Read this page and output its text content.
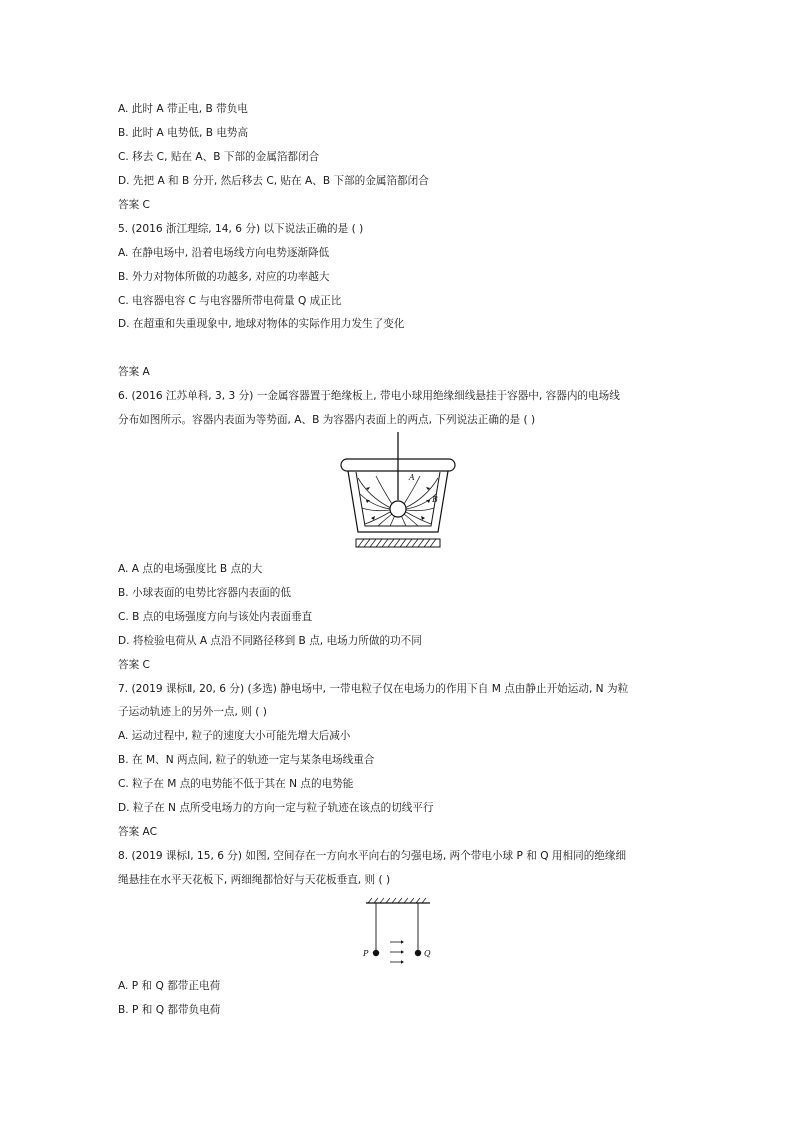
A. 此时 A 带正电, B 带负电
B. 此时 A 电势低, B 电势高
C. 移去 C, 贴在 A、B 下部的金属箔都闭合
D. 先把 A 和 B 分开, 然后移去 C, 贴在 A、B 下部的金属箔都闭合
答案 C
5. (2016 浙江理综, 14, 6 分) 以下说法正确的是 ( )
A. 在静电场中, 沿着电场线方向电势逐渐降低
B. 外力对物体所做的功越多, 对应的功率越大
C. 电容器电容 C 与电容器所带电荷量 Q 成正比
D. 在超重和失重现象中, 地球对物体的实际作用力发生了变化
答案 A
6. (2016 江苏单科, 3, 3 分) 一金属容器置于绝缘板上, 带电小球用绝缘细线悬挂于容器中, 容器内的电场线
分布如图所示。容器内表面为等势面, A、B 为容器内表面上的两点, 下列说法正确的是 ( )
A
B
A. A 点的电场强度比 B 点的大
B. 小球表面的电势比容器内表面的低
C. B 点的电场强度方向与该处内表面垂直
D. 将检验电荷从 A 点沿不同路径移到 B 点, 电场力所做的功不同
答案 C
7. (2019 课标Ⅱ, 20, 6 分) (多选) 静电场中, 一带电粒子仅在电场力的作用下自 M 点由静止开始运动, N 为粒
子运动轨迹上的另外一点, 则 ( )
A. 运动过程中, 粒子的速度大小可能先增大后减小
B. 在 M、N 两点间, 粒子的轨迹一定与某条电场线重合
C. 粒子在 M 点的电势能不低于其在 N 点的电势能
D. 粒子在 N 点所受电场力的方向一定与粒子轨迹在该点的切线平行
答案 AC
8. (2019 课标Ⅰ, 15, 6 分) 如图, 空间存在一方向水平向右的匀强电场, 两个带电小球 P 和 Q 用相同的绝缘细
绳悬挂在水平天花板下, 两细绳都恰好与天花板垂直, 则 ( )
P	Q
A. P 和 Q 都带正电荷
B. P 和 Q 都带负电荷
